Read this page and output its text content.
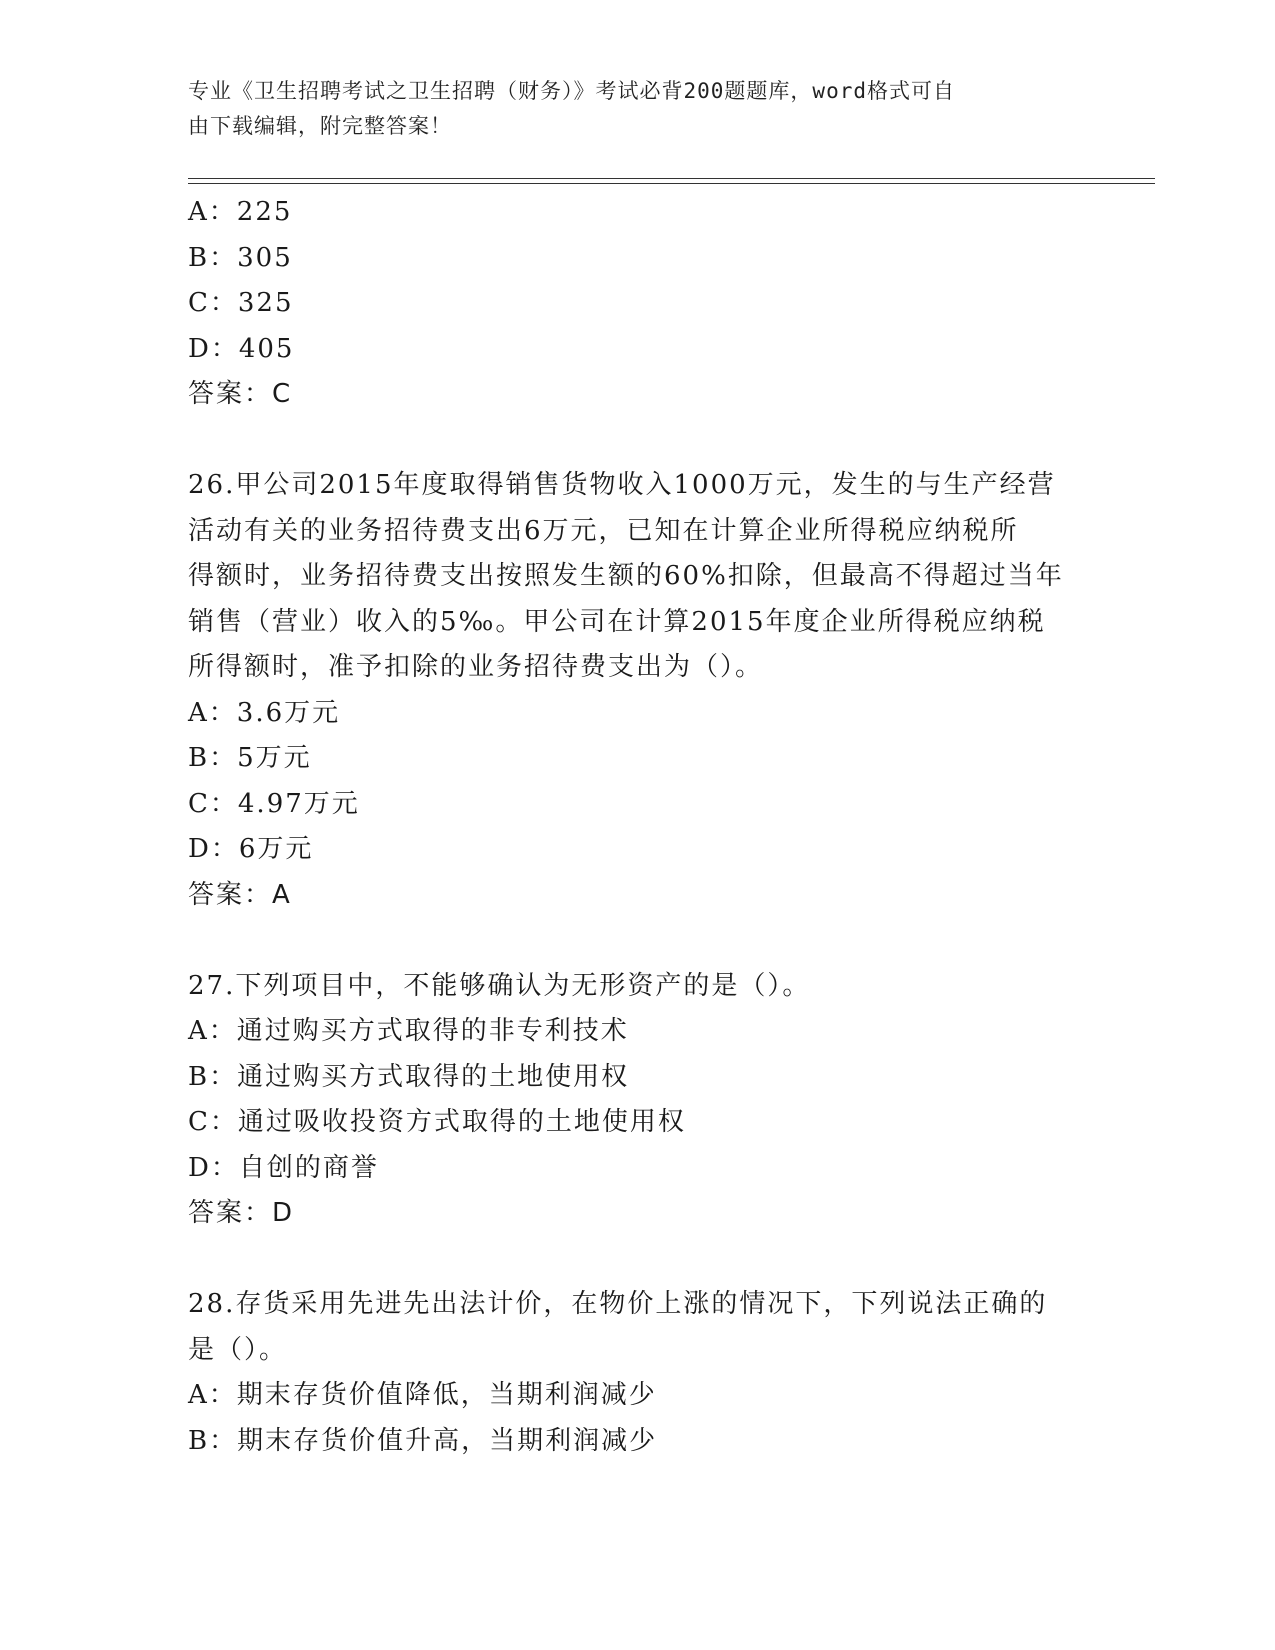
专业《卫生招聘考试之卫生招聘（财务）》考试必背200题题库，word格式可自
由下载编辑，附完整答案！
A：225
B：305
C：325
D：405
答案：C
26.甲公司2015年度取得销售货物收入1000万元，发生的与生产经营
活动有关的业务招待费支出6万元，已知在计算企业所得税应纳税所
得额时，业务招待费支出按照发生额的60%扣除，但最高不得超过当年
销售（营业）收入的5‰。甲公司在计算2015年度企业所得税应纳税
所得额时，准予扣除的业务招待费支出为（）。
A：3.6万元
B：5万元
C：4.97万元
D：6万元
答案：A
27.下列项目中，不能够确认为无形资产的是（）。
A：通过购买方式取得的非专利技术
B：通过购买方式取得的土地使用权
C：通过吸收投资方式取得的土地使用权
D：自创的商誉
答案：D
28.存货采用先进先出法计价，在物价上涨的情况下，下列说法正确的
是（）。
A：期末存货价值降低，当期利润减少
B：期末存货价值升高，当期利润减少
